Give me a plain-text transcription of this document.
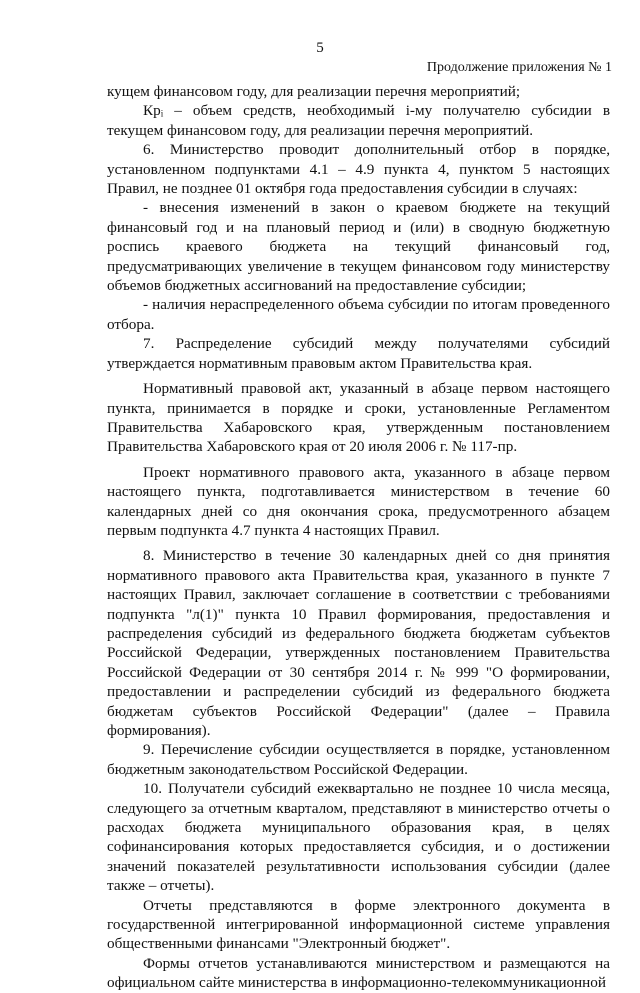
5
Продолжение приложения № 1

кущем финансовом году, для реализации перечня мероприятий;

Крᵢ – объем средств, необходимый i-му получателю субсидии в текущем финансовом году, для реализации перечня мероприятий.

6. Министерство проводит дополнительный отбор в порядке, установленном подпунктами 4.1 – 4.9 пункта 4, пунктом 5 настоящих Правил, не позднее 01 октября года предоставления субсидии в случаях:

- внесения изменений в закон о краевом бюджете на текущий финансовый год и на плановый период и (или) в сводную бюджетную роспись краевого бюджета на текущий финансовый год, предусматривающих увеличение в текущем финансовом году министерству объемов бюджетных ассигнований на предоставление субсидии;

- наличия нераспределенного объема субсидии по итогам проведенного отбора.

7. Распределение субсидий между получателями субсидий утверждается нормативным правовым актом Правительства края.

Нормативный правовой акт, указанный в абзаце первом настоящего пункта, принимается в порядке и сроки, установленные Регламентом Правительства Хабаровского края, утвержденным постановлением Правительства Хабаровского края от 20 июля 2006 г. № 117-пр.

Проект нормативного правового акта, указанного в абзаце первом настоящего пункта, подготавливается министерством в течение 60 календарных дней со дня окончания срока, предусмотренного абзацем первым подпункта 4.7 пункта 4 настоящих Правил.

8. Министерство в течение 30 календарных дней со дня принятия нормативного правового акта Правительства края, указанного в пункте 7 настоящих Правил, заключает соглашение в соответствии с требованиями подпункта "л(1)" пункта 10 Правил формирования, предоставления и распределения субсидий из федерального бюджета бюджетам субъектов Российской Федерации, утвержденных постановлением Правительства Российской Федерации от 30 сентября 2014 г. № 999 "О формировании, предоставлении и распределении субсидий из федерального бюджета бюджетам субъектов Российской Федерации" (далее – Правила формирования).

9. Перечисление субсидии осуществляется в порядке, установленном бюджетным законодательством Российской Федерации.

10. Получатели субсидий ежеквартально не позднее 10 числа месяца, следующего за отчетным кварталом, представляют в министерство отчеты о расходах бюджета муниципального образования края, в целях софинансирования которых предоставляется субсидия, и о достижении значений показателей результативности использования субсидии (далее также – отчеты).

Отчеты представляются в форме электронного документа в государственной интегрированной информационной системе управления общественными финансами "Электронный бюджет".

Формы отчетов устанавливаются министерством и размещаются на официальном сайте министерства в информационно-телекоммуникационной
